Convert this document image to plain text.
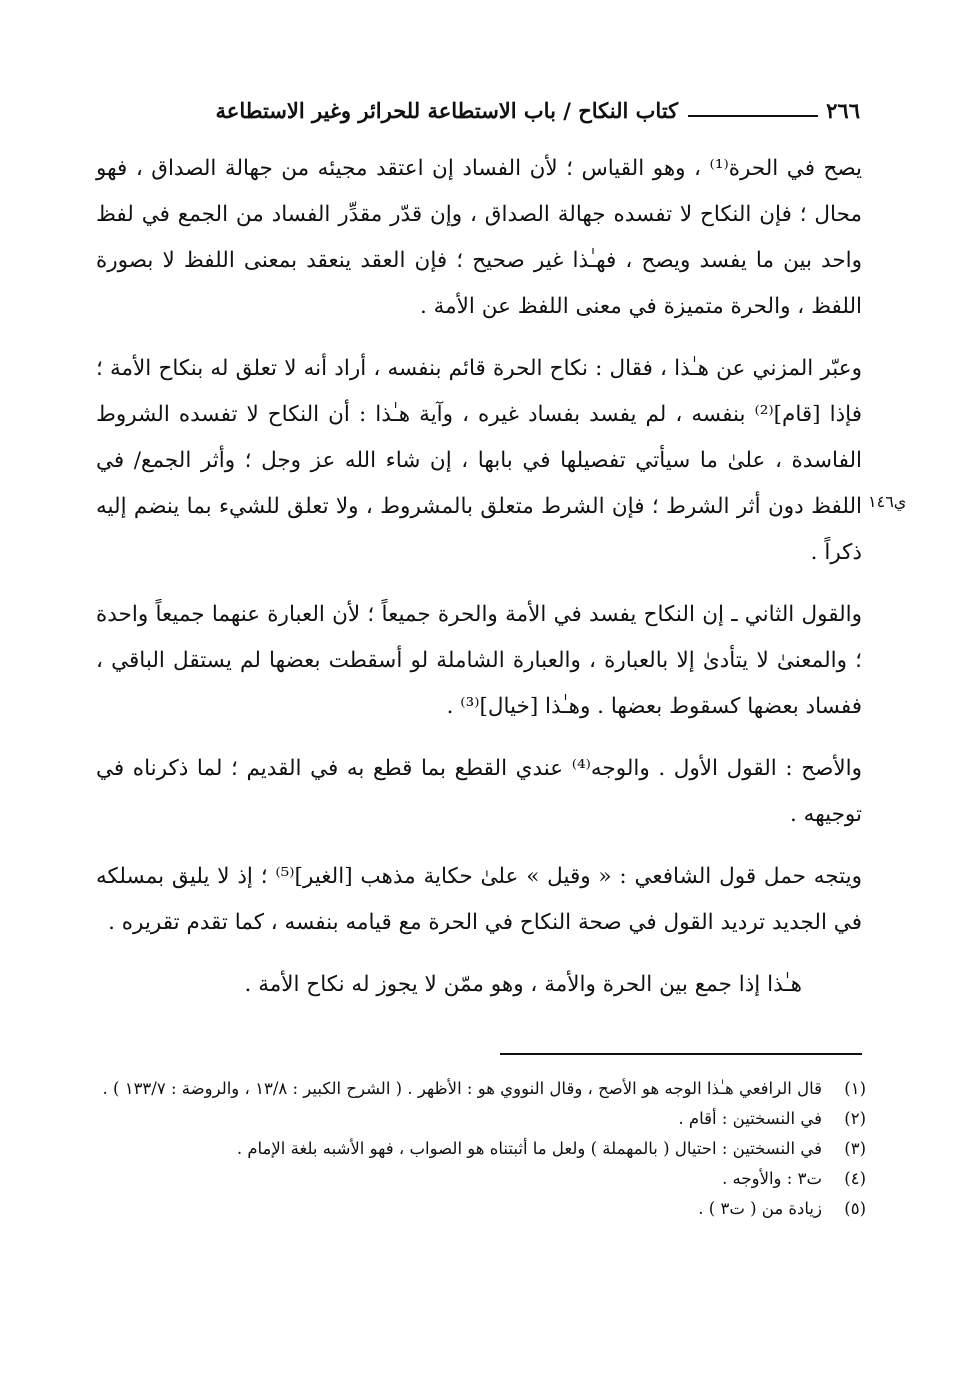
٢٦٦
كتاب النكاح / باب الاستطاعة للحرائر وغير الاستطاعة
ي١٤٦

يصح في الحرة⁽¹⁾ ، وهو القياس ؛ لأن الفساد إن اعتقد مجيئه من جهالة الصداق ، فهو محال ؛ فإن النكاح لا تفسده جهالة الصداق ، وإن قدّر مقدِّر الفساد من الجمع في لفظ واحد بين ما يفسد ويصح ، فهـٰذا غير صحيح ؛ فإن العقد ينعقد بمعنى اللفظ لا بصورة اللفظ ، والحرة متميزة في معنى اللفظ عن الأمة .

وعبّر المزني عن هـٰذا ، فقال : نكاح الحرة قائم بنفسه ، أراد أنه لا تعلق له بنكاح الأمة ؛ فإذا [قام]⁽²⁾ بنفسه ، لم يفسد بفساد غيره ، وآية هـٰذا : أن النكاح لا تفسده الشروط الفاسدة ، علىٰ ما سيأتي تفصيلها في بابها ، إن شاء الله عز وجل ؛ وأثر الجمع/ في اللفظ دون أثر الشرط ؛ فإن الشرط متعلق بالمشروط ، ولا تعلق للشيء بما ينضم إليه ذكراً .

والقول الثاني ـ إن النكاح يفسد في الأمة والحرة جميعاً ؛ لأن العبارة عنهما جميعاً واحدة ؛ والمعنىٰ لا يتأدىٰ إلا بالعبارة ، والعبارة الشاملة لو أسقطت بعضها لم يستقل الباقي ، ففساد بعضها كسقوط بعضها . وهـٰذا [خيال]⁽³⁾ .

والأصح : القول الأول . والوجه⁽⁴⁾ عندي القطع بما قطع به في القديم ؛ لما ذكرناه في توجيهه .

ويتجه حمل قول الشافعي : « وقيل » علىٰ حكاية مذهب [الغير]⁽⁵⁾ ؛ إذ لا يليق بمسلكه في الجديد ترديد القول في صحة النكاح في الحرة مع قيامه بنفسه ، كما تقدم تقريره .

هـٰذا إذا جمع بين الحرة والأمة ، وهو ممّن لا يجوز له نكاح الأمة .

(١)
قال الرافعي هـٰذا الوجه هو الأصح ، وقال النووي هو : الأظهر . ( الشرح الكبير : ١٣/٨ ، والروضة : ١٣٣/٧ ) .
(٢)
في النسختين : أقام .
(٣)
في النسختين : احتيال ( بالمهملة ) ولعل ما أثبتناه هو الصواب ، فهو الأشبه بلغة الإمام .
(٤)
ت٣ : والأوجه .
(٥)
زيادة من ( ت٣ ) .
